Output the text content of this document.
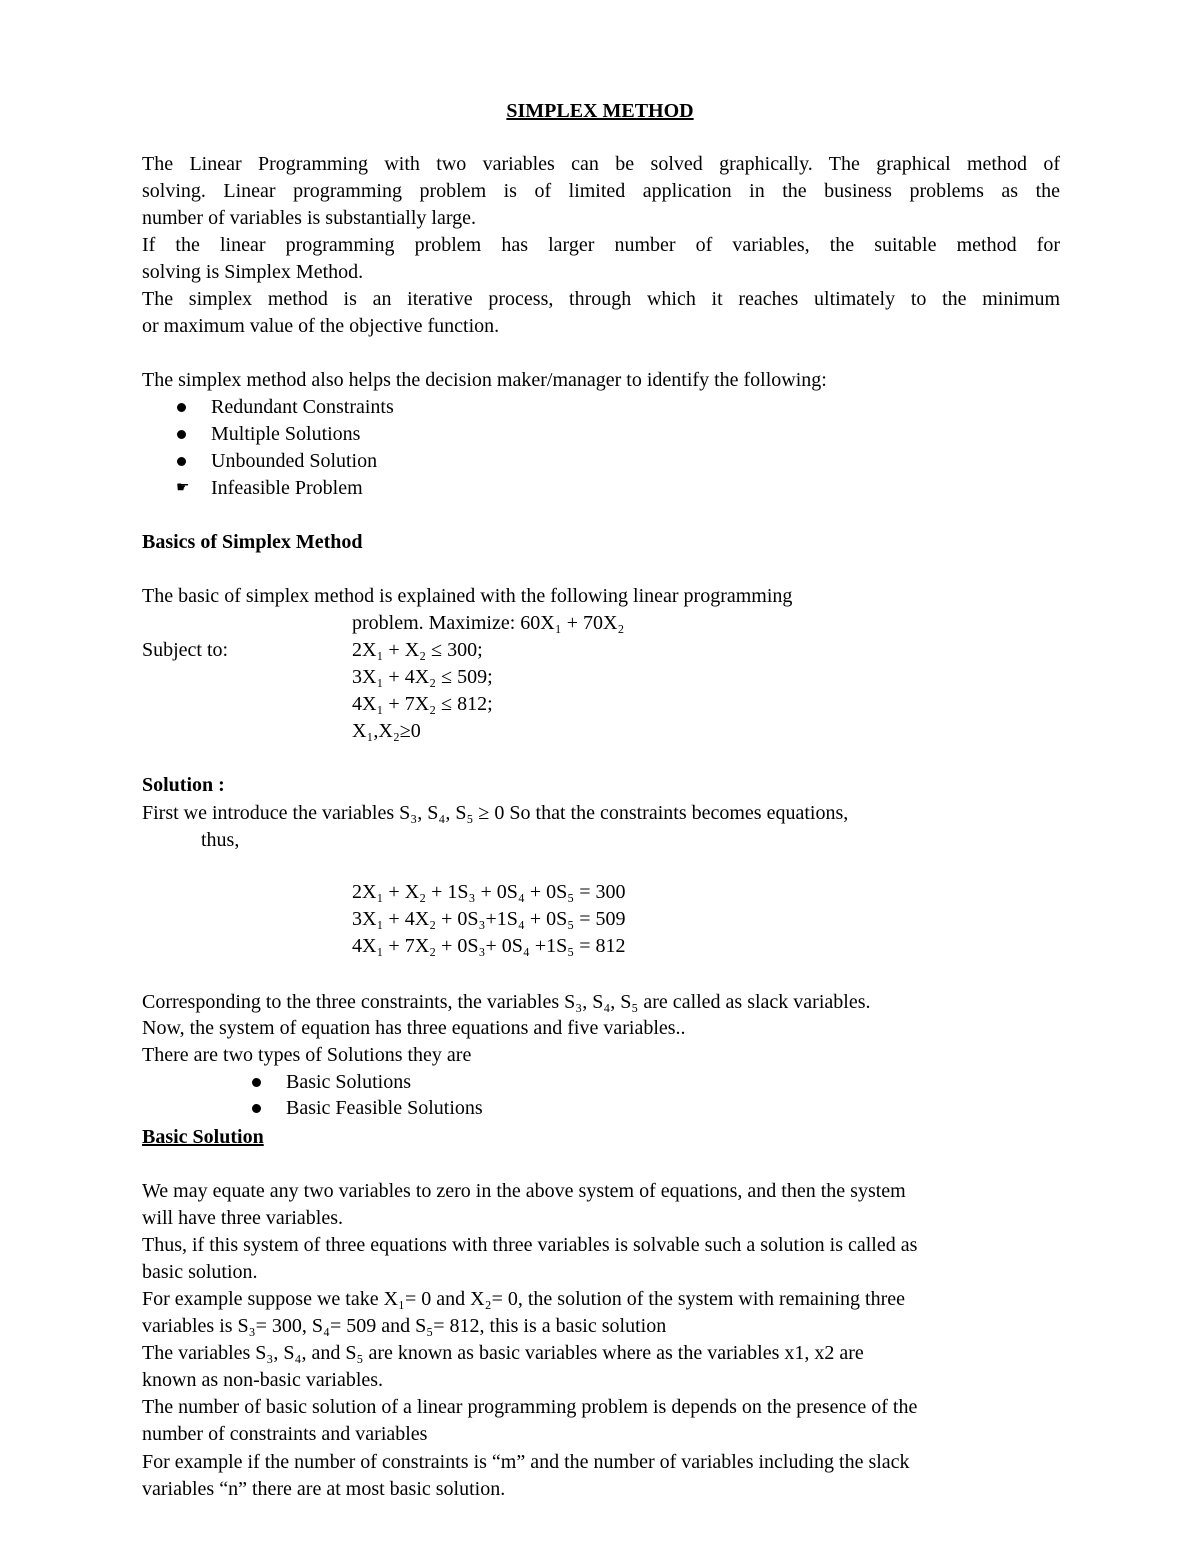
SIMPLEX METHOD
The Linear Programming with two variables can be solved graphically. The graphical method of
solving. Linear programming problem is of limited application in the business problems as the
number of variables is substantially large.
If the linear programming problem has larger number of variables, the suitable method for
solving is Simplex Method.
The simplex method is an iterative process, through which it reaches ultimately to the minimum
or maximum value of the objective function.
The simplex method also helps the decision maker/manager to identify the following:
Redundant Constraints
Multiple Solutions
Unbounded Solution
☛ Infeasible Problem
Basics of Simplex Method
The basic of simplex method is explained with the following linear programming
problem. Maximize: 60X₁ + 70X₂
Subject to:	2X₁ + X₂ ≤ 300;
3X₁ + 4X₂ ≤ 509;
4X₁ + 7X₂ ≤ 812;
X₁,X₂≥0
Solution :
First we introduce the variables S₃, S₄, S₅ ≥ 0 So that the constraints becomes equations,
thus,
2X₁ + X₂ + 1S₃ + 0S₄ + 0S₅ = 300
3X₁ + 4X₂ + 0S₃+1S₄ + 0S₅ = 509
4X₁ + 7X₂ + 0S₃+ 0S₄ +1S₅ = 812
Corresponding to the three constraints, the variables S₃, S₄, S₅ are called as slack variables.
Now, the system of equation has three equations and five variables..
There are two types of Solutions they are
Basic Solutions
Basic Feasible Solutions
Basic Solution
We may equate any two variables to zero in the above system of equations, and then the system
will have three variables.
Thus, if this system of three equations with three variables is solvable such a solution is called as
basic solution.
For example suppose we take X₁= 0 and X₂= 0, the solution of the system with remaining three
variables is S₃= 300, S₄= 509 and S₅= 812, this is a basic solution
The variables S₃, S₄, and S₅ are known as basic variables where as the variables x1, x2 are
known as non-basic variables.
The number of basic solution of a linear programming problem is depends on the presence of the
number of constraints and variables
For example if the number of constraints is “m” and the number of variables including the slack
variables “n” there are at most basic solution.
